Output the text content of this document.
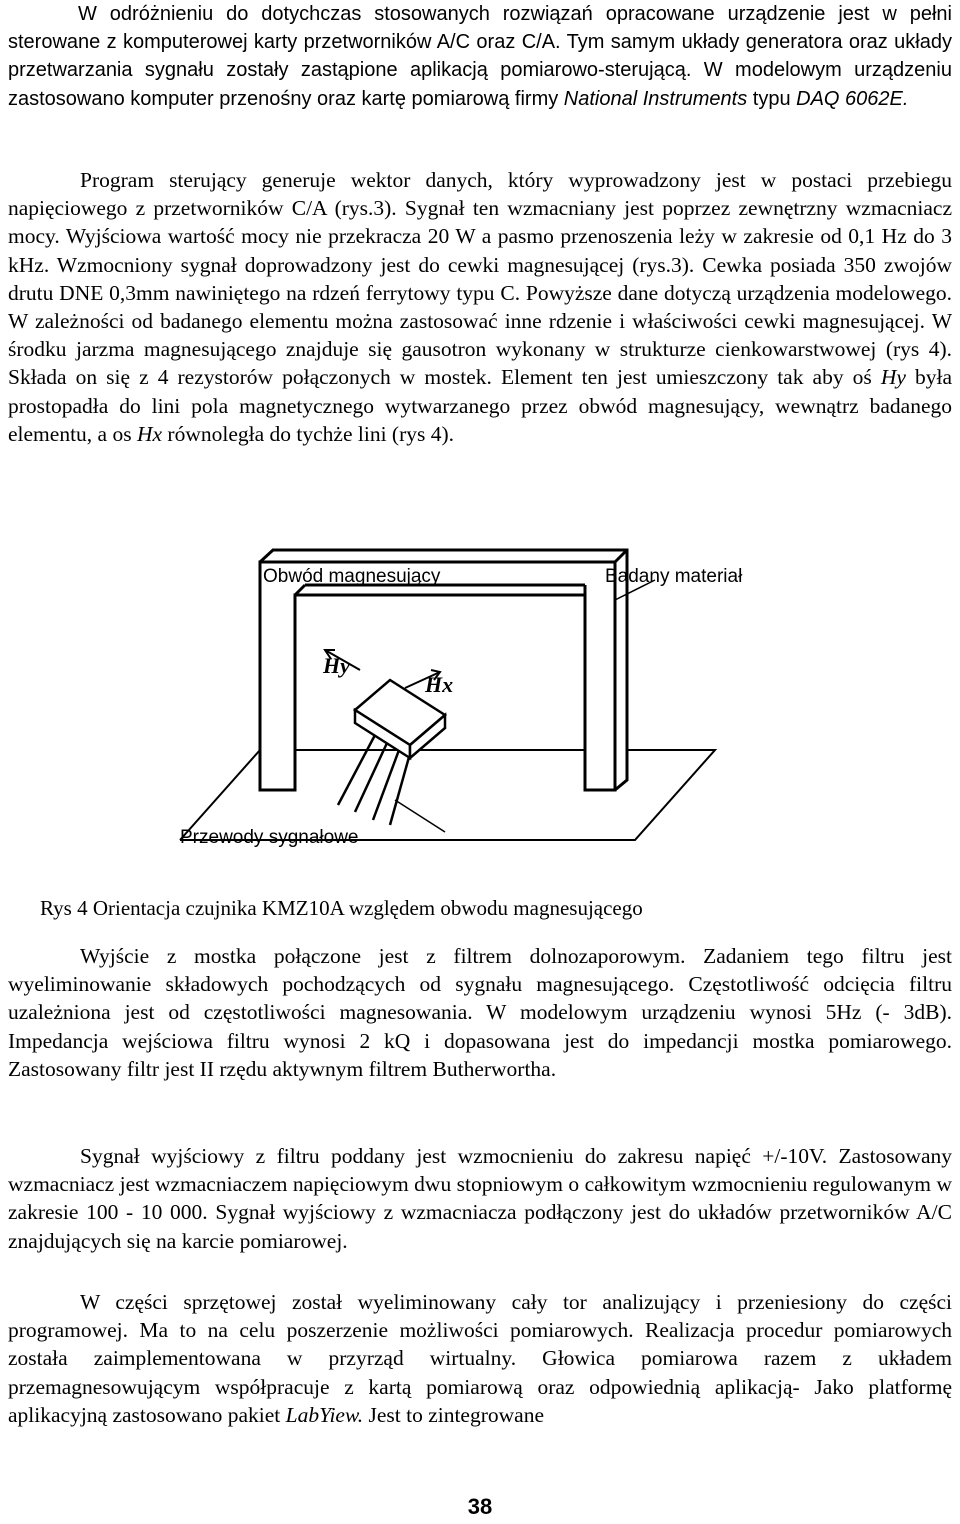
W odróżnieniu do dotychczas stosowanych rozwiązań opracowane urządzenie jest w pełni sterowane z komputerowej karty przetworników A/C oraz C/A. Tym samym układy generatora oraz układy przetwarzania sygnału zostały zastąpione aplikacją pomiarowo-sterującą. W modelowym urządzeniu zastosowano komputer przenośny oraz kartę pomiarową firmy National Instruments typu DAQ 6062E.
Program sterujący generuje wektor danych, który wyprowadzony jest w postaci przebiegu napięciowego z przetworników C/A (rys.3). Sygnał ten wzmacniany jest poprzez zewnętrzny wzmacniacz mocy. Wyjściowa wartość mocy nie przekracza 20 W a pasmo przenoszenia leży w zakresie od 0,1 Hz do 3 kHz. Wzmocniony sygnał doprowadzony jest do cewki magnesującej (rys.3). Cewka posiada 350 zwojów drutu DNE 0,3mm nawiniętego na rdzeń ferrytowy typu C. Powyższe dane dotyczą urządzenia modelowego. W zależności od badanego elementu można zastosować inne rdzenie i właściwości cewki magnesującej. W środku jarzma magnesującego znajduje się gausotron wykonany w strukturze cienkowarstwowej (rys 4). Składa on się z 4 rezystorów połączonych w mostek. Element ten jest umieszczony tak aby oś Hy była prostopadła do lini pola magnetycznego wytwarzanego przez obwód magnesujący, wewnątrz badanego elementu, a os Hx równoległa do tychże lini (rys 4).
Obwód magnesujący	Badany materiał
Hy
Hx
Przewody sygnałowe
Rys 4 Orientacja czujnika KMZ10A względem obwodu magnesującego
Wyjście z mostka połączone jest z filtrem dolnozaporowym. Zadaniem tego filtru jest wyeliminowanie składowych pochodzących od sygnału magnesującego. Częstotliwość odcięcia filtru uzależniona jest od częstotliwości magnesowania. W modelowym urządzeniu wynosi 5Hz (- 3dB). Impedancja wejściowa filtru wynosi 2 kQ i dopasowana jest do impedancji mostka pomiarowego. Zastosowany filtr jest II rzędu aktywnym filtrem Butherwortha.
Sygnał wyjściowy z filtru poddany jest wzmocnieniu do zakresu napięć +/-10V. Zastosowany wzmacniacz jest wzmacniaczem napięciowym dwu stopniowym o całkowitym wzmocnieniu regulowanym w zakresie 100 - 10 000. Sygnał wyjściowy z wzmacniacza podłączony jest do układów przetworników A/C znajdujących się na karcie pomiarowej.
W części sprzętowej został wyeliminowany cały tor analizujący i przeniesiony do części programowej. Ma to na celu poszerzenie możliwości pomiarowych. Realizacja procedur pomiarowych została zaimplementowana w przyrząd wirtualny. Głowica pomiarowa razem z układem przemagnesowującym współpracuje z kartą pomiarową oraz odpowiednią aplikacją- Jako platformę aplikacyjną zastosowano pakiet LabYiew. Jest to zintegrowane
38
